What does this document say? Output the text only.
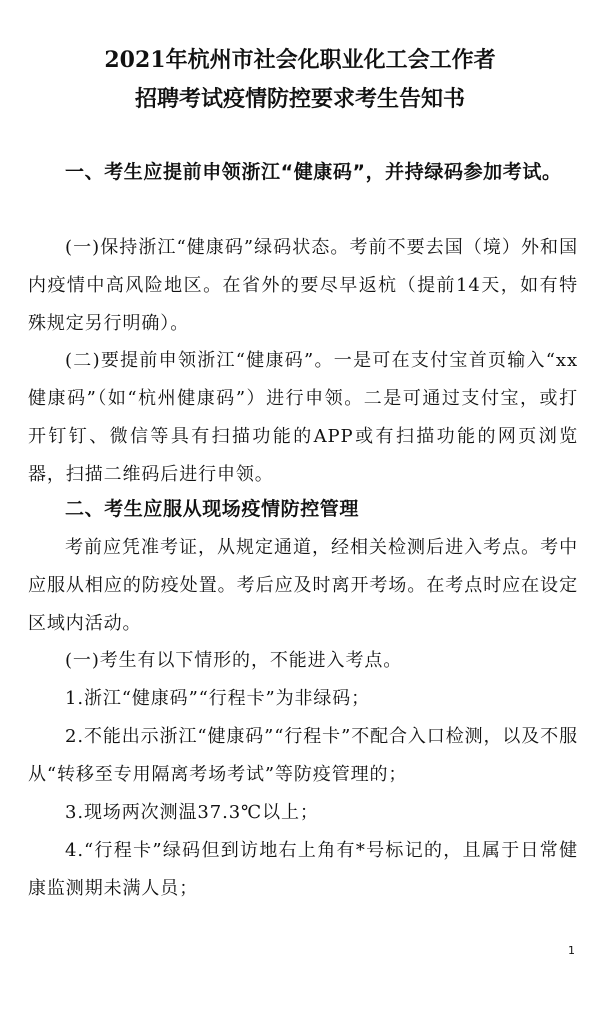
2021年杭州市社会化职业化工会工作者
招聘考试疫情防控要求考生告知书
一、考生应提前申领浙江“健康码”，并持绿码参加考试。
(一)保持浙江“健康码”绿码状态。考前不要去国（境）外和国内疫情中高风险地区。在省外的要尽早返杭（提前14天，如有特殊规定另行明确）。
(二)要提前申领浙江“健康码”。一是可在支付宝首页输入“xx健康码”（如“杭州健康码”）进行申领。二是可通过支付宝，或打开钉钉、微信等具有扫描功能的APP或有扫描功能的网页浏览器，扫描二维码后进行申领。
二、考生应服从现场疫情防控管理
考前应凭准考证，从规定通道，经相关检测后进入考点。考中应服从相应的防疫处置。考后应及时离开考场。在考点时应在设定区域内活动。
(一)考生有以下情形的，不能进入考点。
1.浙江“健康码”“行程卡”为非绿码；
2.不能出示浙江“健康码”“行程卡”不配合入口检测，以及不服从“转移至专用隔离考场考试”等防疫管理的；
3.现场两次测温37.3℃以上；
4.“行程卡”绿码但到访地右上角有*号标记的，且属于日常健康监测期未满人员；
1
